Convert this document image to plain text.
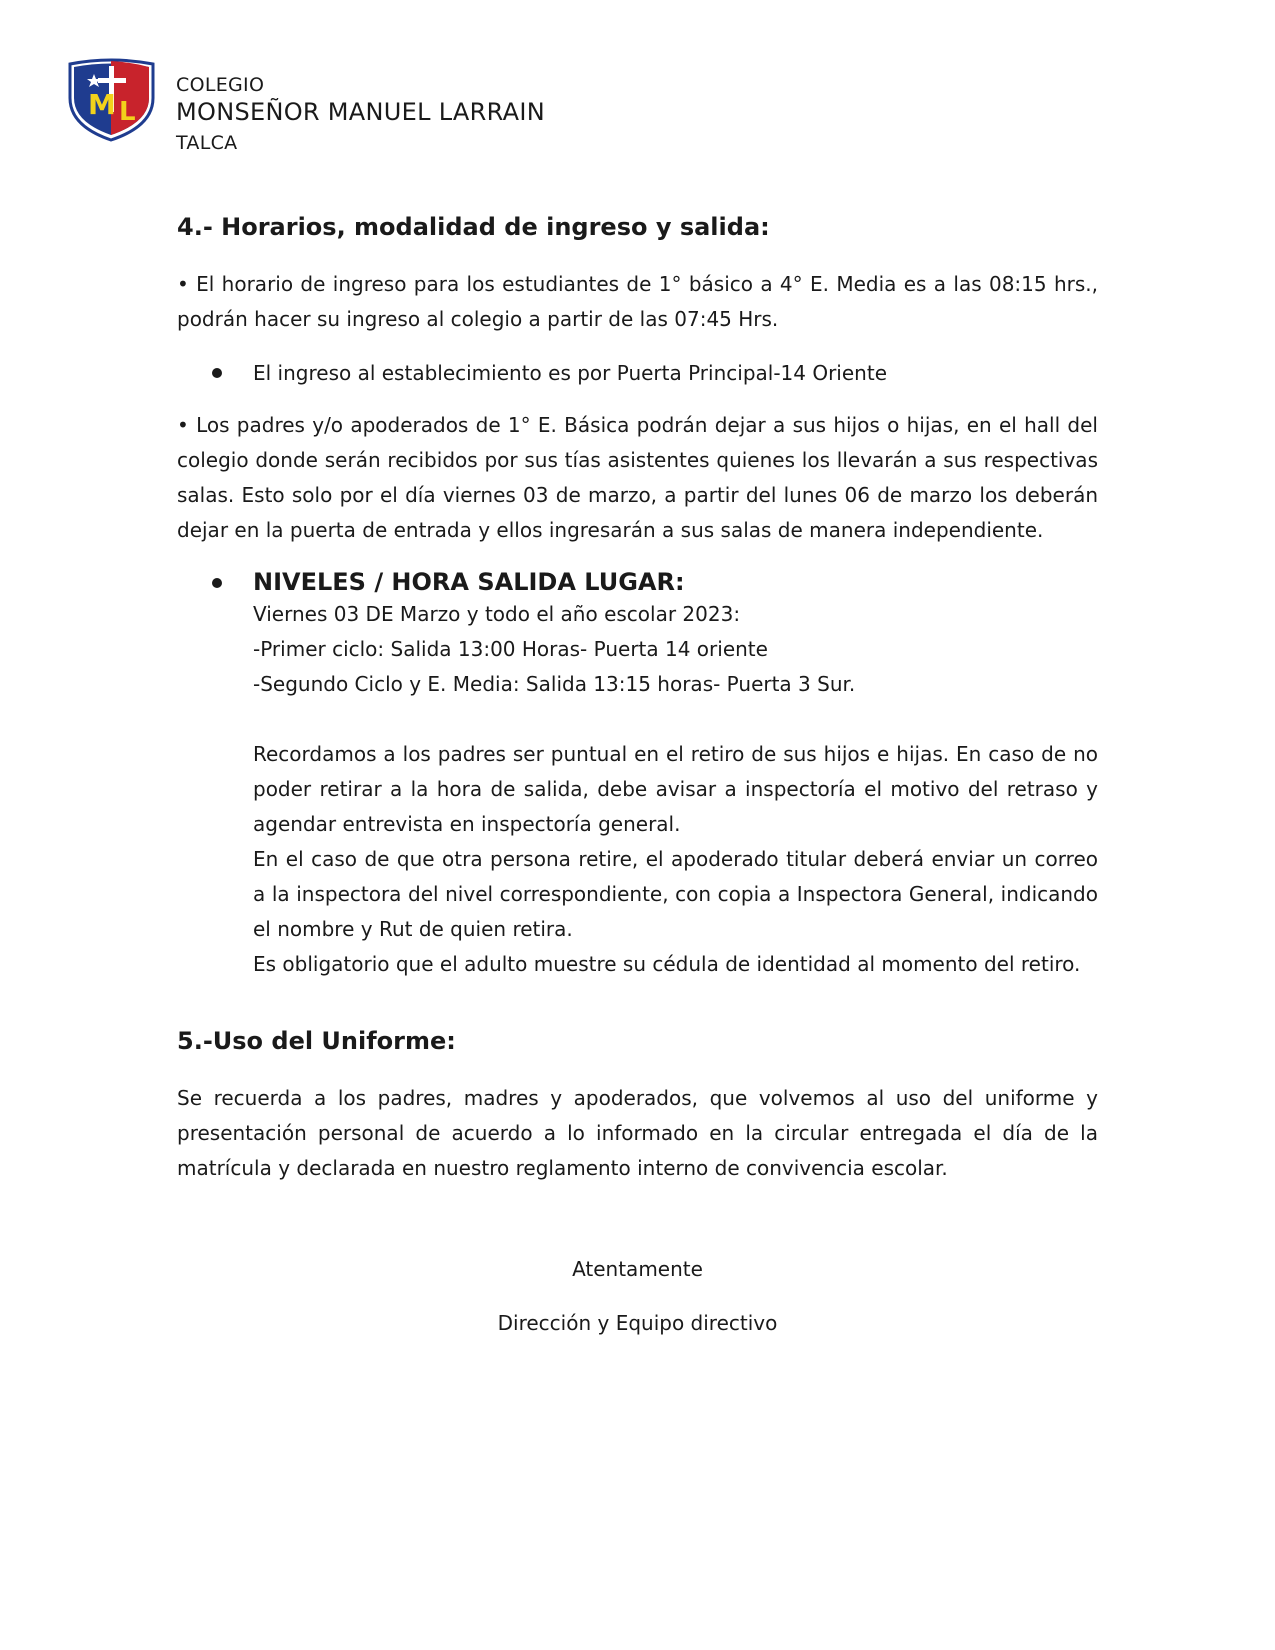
M L
COLEGIO
MONSEÑOR MANUEL LARRAIN
TALCA
4.- Horarios, modalidad de ingreso y salida:

• El horario de ingreso para los estudiantes de 1° básico a 4° E. Media es a las 08:15 hrs., podrán hacer su ingreso al colegio a partir de las 07:45 Hrs.

El ingreso al establecimiento es por Puerta Principal-14 Oriente

• Los padres y/o apoderados de 1° E. Básica podrán dejar a sus hijos o hijas, en el hall del colegio donde serán recibidos por sus tías asistentes quienes los llevarán a sus respectivas salas. Esto solo por el día viernes 03 de marzo, a partir del lunes 06 de marzo los deberán dejar en la puerta de entrada y ellos ingresarán a sus salas de manera independiente.

NIVELES / HORA SALIDA LUGAR:

Viernes 03 DE Marzo y todo el año escolar 2023:

-Primer ciclo: Salida 13:00 Horas- Puerta 14 oriente

-Segundo Ciclo y E. Media: Salida 13:15 horas- Puerta 3 Sur.

Recordamos a los padres ser puntual en el retiro de sus hijos e hijas. En caso de no poder retirar a la hora de salida, debe avisar a inspectoría el motivo del retraso y agendar entrevista en inspectoría general.

En el caso de que otra persona retire, el apoderado titular deberá enviar un correo a la inspectora del nivel correspondiente, con copia a Inspectora General, indicando el nombre y Rut de quien retira.

Es obligatorio que el adulto muestre su cédula de identidad al momento del retiro.

5.-Uso del Uniforme:

Se recuerda a los padres, madres y apoderados, que volvemos al uso del uniforme y presentación personal de acuerdo a lo informado en la circular entregada el día de la matrícula y declarada en nuestro reglamento interno de convivencia escolar.

Atentamente
Dirección y Equipo directivo
